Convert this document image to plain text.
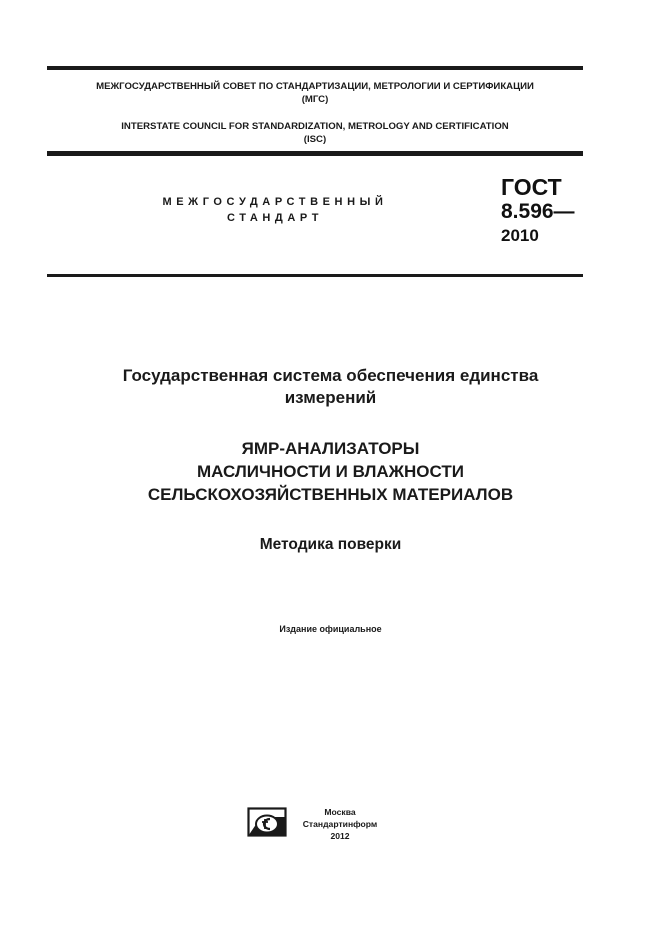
МЕЖГОСУДАРСТВЕННЫЙ СОВЕТ ПО СТАНДАРТИЗАЦИИ, МЕТРОЛОГИИ И СЕРТИФИКАЦИИ
(МГС)
INTERSTATE COUNCIL FOR STANDARDIZATION, METROLOGY AND CERTIFICATION
(ISC)
МЕЖГОСУДАРСТВЕННЫЙ
СТАНДАРТ
ГОСТ
8.596—
2010
Государственная система обеспечения единства
измерений
ЯМР-АНАЛИЗАТОРЫ
МАСЛИЧНОСТИ И ВЛАЖНОСТИ
СЕЛЬСКОХОЗЯЙСТВЕННЫХ МАТЕРИАЛОВ
Методика поверки
Издание официальное
Москва
Стандартинформ
2012
